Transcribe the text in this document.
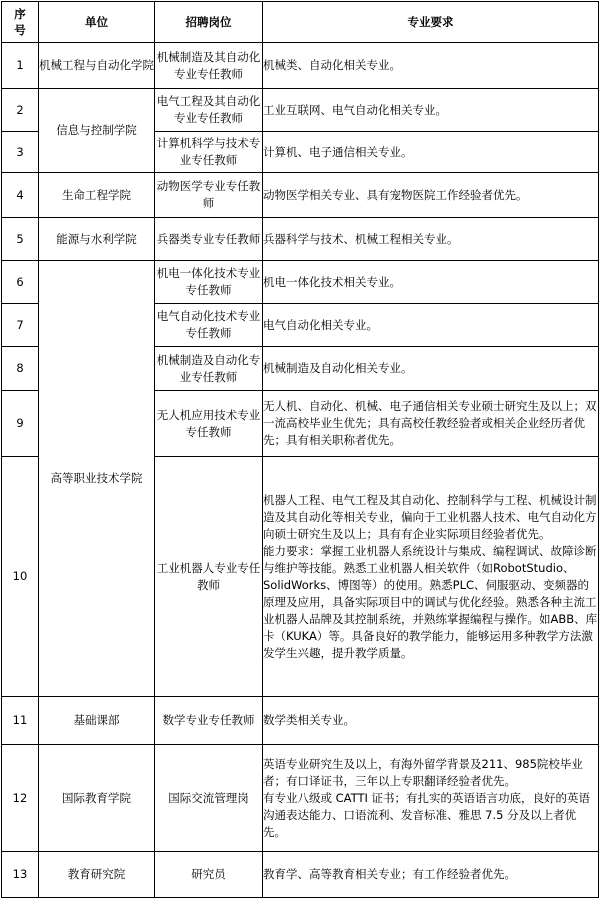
序号	单位	招聘岗位	专业要求
1	机械工程与自动化学院	机械制造及其自动化专业专任教师	机械类、自动化相关专业。
2	信息与控制学院	电气工程及其自动化专业专任教师	工业互联网、电气自动化相关专业。
3		计算机科学与技术专业专任教师	计算机、电子通信相关专业。
4	生命工程学院	动物医学专业专任教师	动物医学相关专业、具有宠物医院工作经验者优先。
5	能源与水利学院	兵器类专业专任教师	兵器科学与技术、机械工程相关专业。
6	高等职业技术学院	机电一体化技术专业专任教师	机电一体化技术相关专业。
7		电气自动化技术专业专任教师	电气自动化相关专业。
8		机械制造及自动化专业专任教师	机械制造及自动化相关专业。
9		无人机应用技术专业专任教师	无人机、自动化、机械、电子通信相关专业硕士研究生及以上；双一流高校毕业生优先；具有高校任教经验者或相关企业经历者优先；具有相关职称者优先。
10		工业机器人专业专任教师	机器人工程、电气工程及其自动化、控制科学与工程、机械设计制造及其自动化等相关专业，偏向于工业机器人技术、电气自动化方向硕士研究生及以上；具有有企业实际项目经验者优先。
能力要求：掌握工业机器人系统设计与集成、编程调试、故障诊断与维护等技能。熟悉工业机器人相关软件（如RobotStudio、SolidWorks、博图等）的使用。熟悉PLC、伺服驱动、变频器的原理及应用，具备实际项目中的调试与优化经验。熟悉各种主流工业机器人品牌及其控制系统，并熟练掌握编程与操作。如ABB、库卡（KUKA）等。具备良好的教学能力，能够运用多种教学方法激发学生兴趣，提升教学质量。

11	基础课部	数学专业专任教师	数学类相关专业。
12	国际教育学院	国际交流管理岗	英语专业研究生及以上，有海外留学背景及211、985院校毕业者；有口译证书，三年以上专职翻译经验者优先。
有专业八级或 CATTI 证书；有扎实的英语语言功底，良好的英语沟通表达能力、口语流利、发音标准、雅思 7.5 分及以上者优先。

13	教育研究院	研究员	教育学、高等教育相关专业；有工作经验者优先。
